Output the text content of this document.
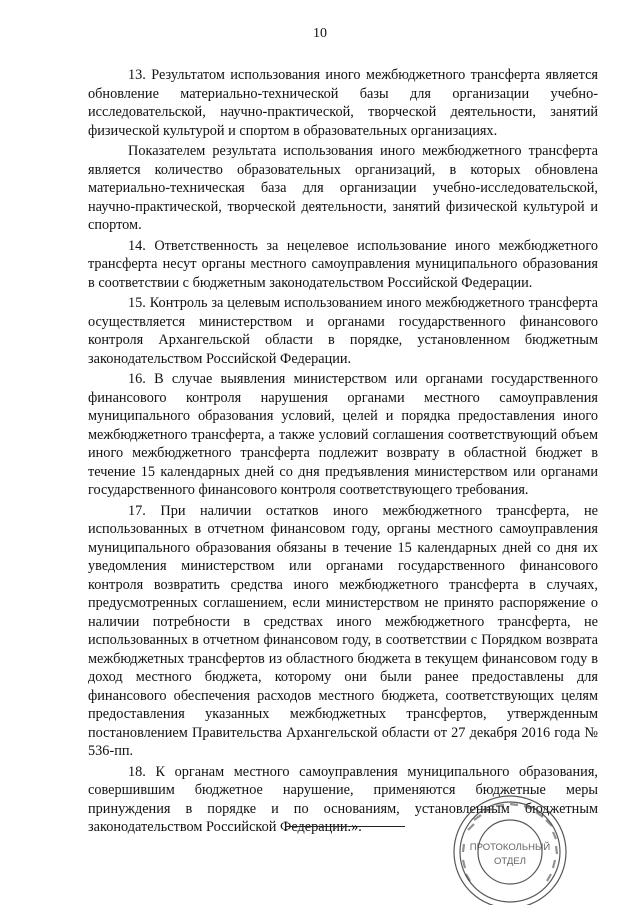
10

13. Результатом использования иного межбюджетного трансферта является обновление материально-технической базы для организации учебно-исследовательской, научно-практической, творческой деятельности, занятий физической культурой и спортом в образовательных организациях.

Показателем результата использования иного межбюджетного трансферта является количество образовательных организаций, в которых обновлена материально-техническая база для организации учебно-исследовательской, научно-практической, творческой деятельности, занятий физической культурой и спортом.

14. Ответственность за нецелевое использование иного межбюджетного трансферта несут органы местного самоуправления муниципального образования в соответствии с бюджетным законодательством Российской Федерации.

15. Контроль за целевым использованием иного межбюджетного трансферта осуществляется министерством и органами государственного финансового контроля Архангельской области в порядке, установленном бюджетным законодательством Российской Федерации.

16. В случае выявления министерством или органами государственного финансового контроля нарушения органами местного самоуправления муниципального образования условий, целей и порядка предоставления иного межбюджетного трансферта, а также условий соглашения соответствующий объем иного межбюджетного трансферта подлежит возврату в областной бюджет в течение 15 календарных дней со дня предъявления министерством или органами государственного финансового контроля соответствующего требования.

17. При наличии остатков иного межбюджетного трансферта, не использованных в отчетном финансовом году, органы местного самоуправления муниципального образования обязаны в течение 15 календарных дней со дня их уведомления министерством или органами государственного финансового контроля возвратить средства иного межбюджетного трансферта в случаях, предусмотренных соглашением, если министерством не принято распоряжение о наличии потребности в средствах иного межбюджетного трансферта, не использованных в отчетном финансовом году, в соответствии с Порядком возврата межбюджетных трансфертов из областного бюджета в текущем финансовом году в доход местного бюджета, которому они были ранее предоставлены для финансового обеспечения расходов местного бюджета, соответствующих целям предоставления указанных межбюджетных трансфертов, утвержденным постановлением Правительства Архангельской области от 27 декабря 2016 года № 536-пп.

18. К органам местного самоуправления муниципального образования, совершившим бюджетное нарушение, применяются бюджетные меры принуждения в порядке и по основаниям, установленным бюджетным законодательством Российской Федерации.».

ПРОТОКОЛЬНЫЙ
ОТДЕЛ
